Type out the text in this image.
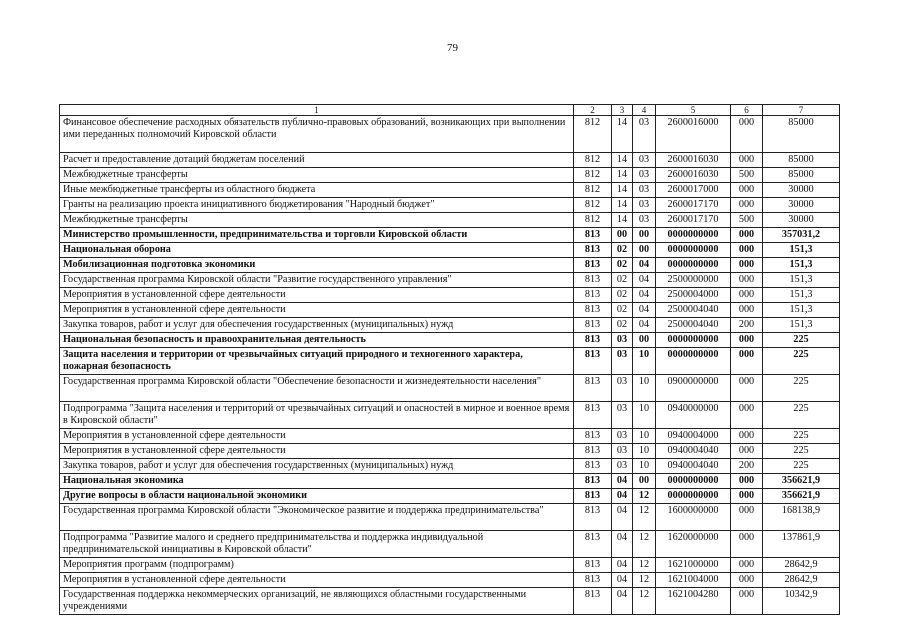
79
1	2	3	4	5	6	7
Финансовое обеспечение расходных обязательств публично-правовых образований, возникающих при выполнении ими переданных полномочий Кировской области	812	14	03	2600016000	000	85000
Расчет и предоставление дотаций бюджетам поселений	812	14	03	2600016030	000	85000
Межбюджетные трансферты	812	14	03	2600016030	500	85000
Иные межбюджетные трансферты из областного бюджета	812	14	03	2600017000	000	30000
Гранты на реализацию проекта инициативного бюджетирования "Народный бюджет"	812	14	03	2600017170	000	30000
Межбюджетные трансферты	812	14	03	2600017170	500	30000
Министерство промышленности, предпринимательства и торговли Кировской области	813	00	00	0000000000	000	357031,2
Национальная оборона	813	02	00	0000000000	000	151,3
Мобилизационная подготовка экономики	813	02	04	0000000000	000	151,3
Государственная программа Кировской области "Развитие государственного управления"	813	02	04	2500000000	000	151,3
Мероприятия в установленной сфере деятельности	813	02	04	2500004000	000	151,3
Мероприятия в установленной сфере деятельности	813	02	04	2500004040	000	151,3
Закупка товаров, работ и услуг для обеспечения государственных (муниципальных) нужд	813	02	04	2500004040	200	151,3
Национальная безопасность и правоохранительная деятельность	813	03	00	0000000000	000	225
Защита населения и территории от чрезвычайных ситуаций природного и техногенного характера, пожарная безопасность	813	03	10	0000000000	000	225
Государственная программа Кировской области "Обеспечение безопасности и жизнедеятельности населения"	813	03	10	0900000000	000	225
Подпрограмма "Защита населения и территорий от чрезвычайных ситуаций и опасностей в мирное и военное время в Кировской области"	813	03	10	0940000000	000	225
Мероприятия в установленной сфере деятельности	813	03	10	0940004000	000	225
Мероприятия в установленной сфере деятельности	813	03	10	0940004040	000	225
Закупка товаров, работ и услуг для обеспечения государственных (муниципальных) нужд	813	03	10	0940004040	200	225
Национальная экономика	813	04	00	0000000000	000	356621,9
Другие вопросы в области национальной экономики	813	04	12	0000000000	000	356621,9
Государственная программа Кировской области "Экономическое развитие и поддержка предпринимательства"	813	04	12	1600000000	000	168138,9
Подпрограмма "Развитие малого и среднего предпринимательства и поддержка индивидуальной предпринимательской инициативы в Кировской области"	813	04	12	1620000000	000	137861,9
Мероприятия программ (подпрограмм)	813	04	12	1621000000	000	28642,9
Мероприятия в установленной сфере деятельности	813	04	12	1621004000	000	28642,9
Государственная поддержка некоммерческих организаций, не являющихся областными государственными учреждениями	813	04	12	1621004280	000	10342,9
